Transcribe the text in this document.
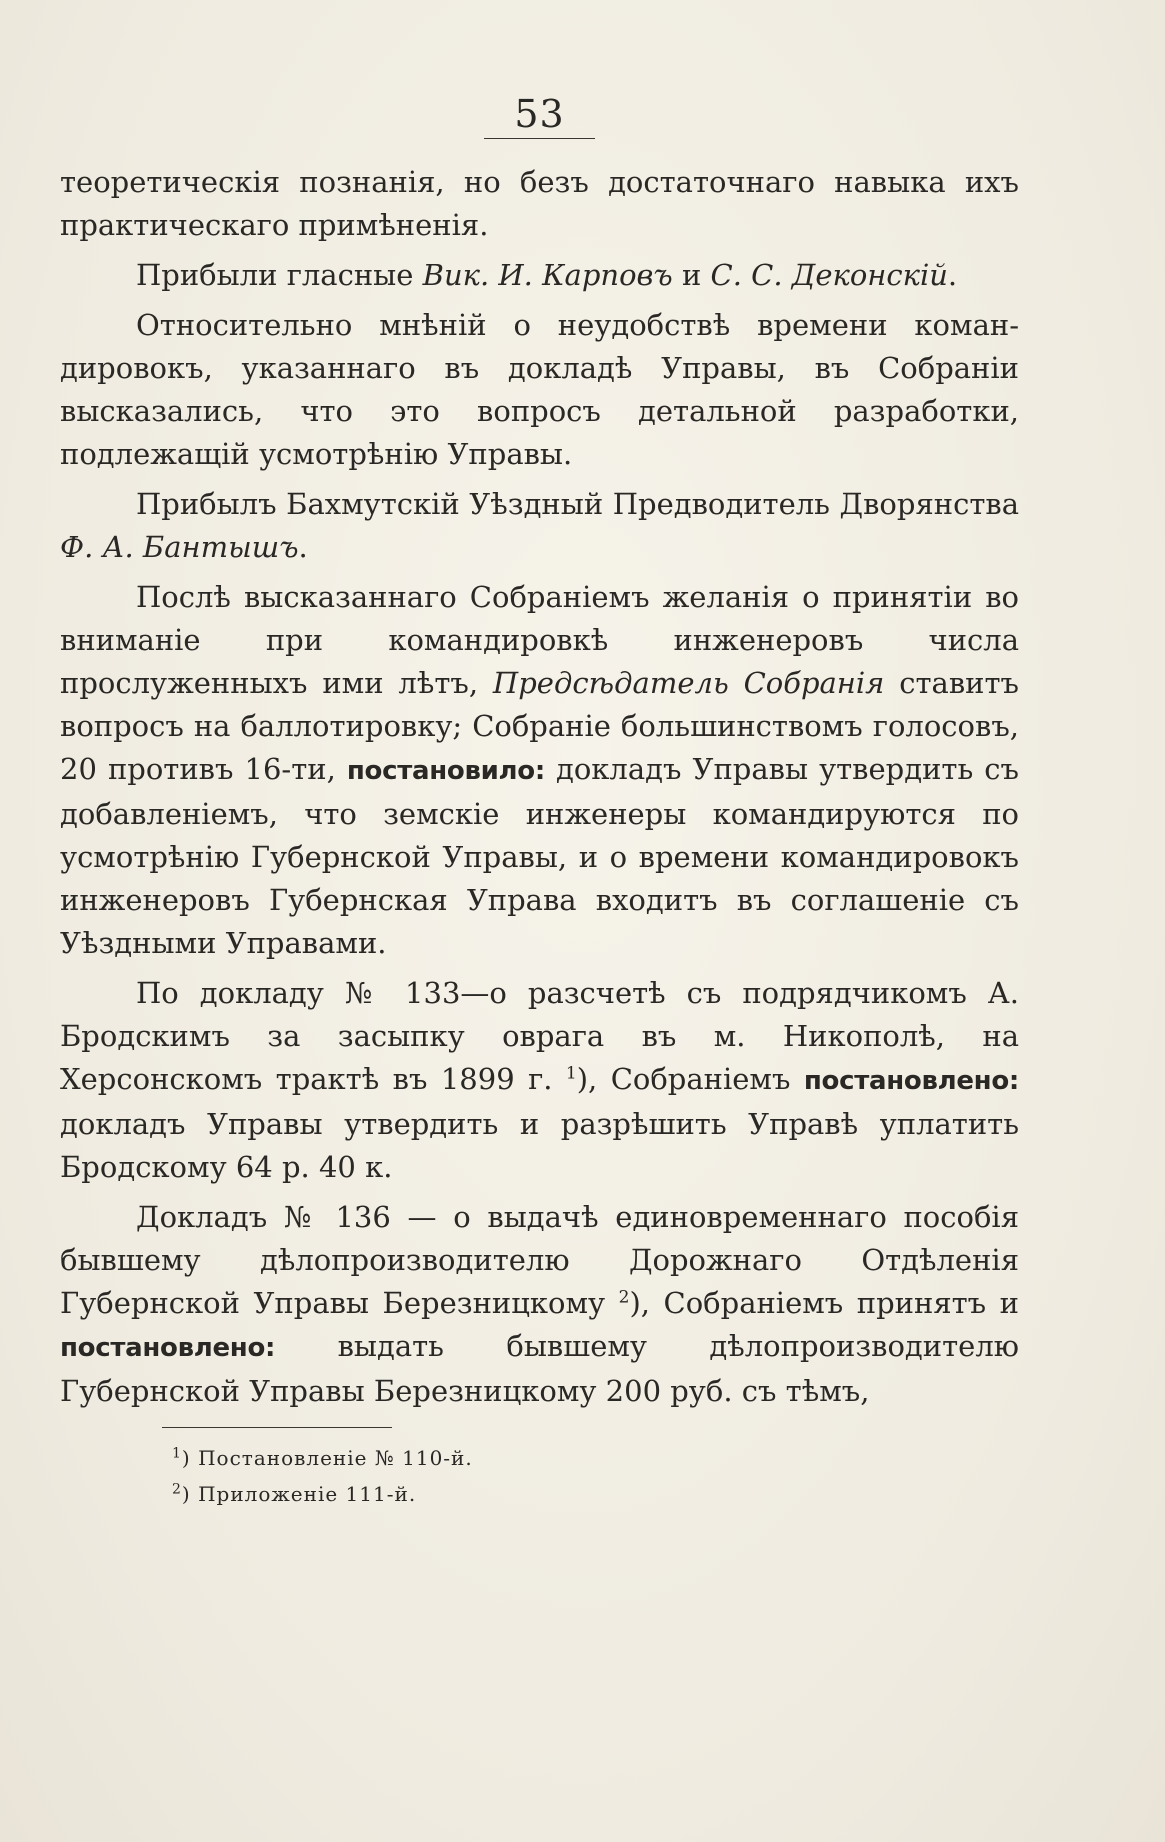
53

теоретическія познанія, но безъ достаточнаго навыка ихъ практическаго примѣненія.

Прибыли гласные Вик. И. Карповъ и С. С. Деконскій.

Относительно мнѣній о неудобствѣ времени командировокъ, указаннаго въ докладѣ Управы, въ Собраніи высказались, что это вопросъ детальной разработки, подлежащій усмотрѣнію Управы.

Прибылъ Бахмутскій Уѣздный Предводитель Дворянства Ф. А. Бантышъ.

Послѣ высказаннаго Собраніемъ желанія о принятіи во вниманіе при командировкѣ инженеровъ числа прослуженныхъ ими лѣтъ, Предсѣдатель Собранія ставитъ вопросъ на баллотировку; Собраніе большинствомъ голосовъ, 20 противъ 16-ти, постановило: докладъ Управы утвердить съ добавленіемъ, что земскіе инженеры командируются по усмотрѣнію Губернской Управы, и о времени командировокъ инженеровъ Губернская Управа входитъ въ соглашеніе съ Уѣздными Управами.

По докладу № 133—о разсчетѣ съ подрядчикомъ А. Бродскимъ за засыпку оврага въ м. Никополѣ, на Херсонскомъ трактѣ въ 1899 г. $^1$), Собраніемъ постановлено: докладъ Управы утвердить и разрѣшить Управѣ уплатить Бродскому 64 р. 40 к.

Докладъ № 136 — о выдачѣ единовременнаго пособія бывшему дѣлопроизводителю Дорожнаго Отдѣленія Губернской Управы Березницкому $^2$), Собраніемъ принятъ и постановлено: выдать бывшему дѣлопроизводителю Губернской Управы Березницкому 200 руб. съ тѣмъ,

$^1$) Постановленіе № 110-й.
$^2$) Приложеніе 111-й.
